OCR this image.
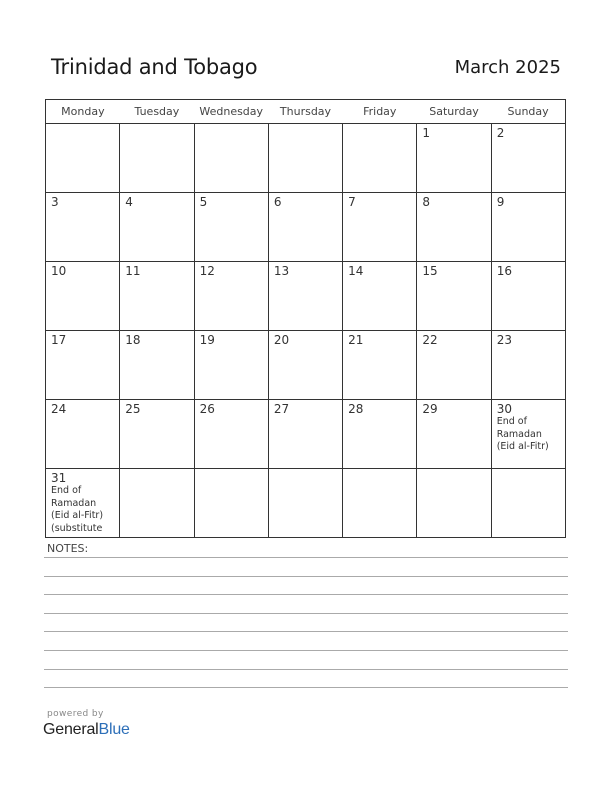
Trinidad and Tobago	March 2025
Monday	Tuesday	Wednesday	Thursday	Friday	Saturday	Sunday

					1	2

3	4	5	6	7	8	9

10	11	12	13	14	15	16

17	18	19	20	21	22	23

24	25	26	27	28	29	30
End of Ramadan (Eid al-Fitr)

31
End of Ramadan (Eid al-Fitr) (substitute						

NOTES:
powered by
GeneralBlue
